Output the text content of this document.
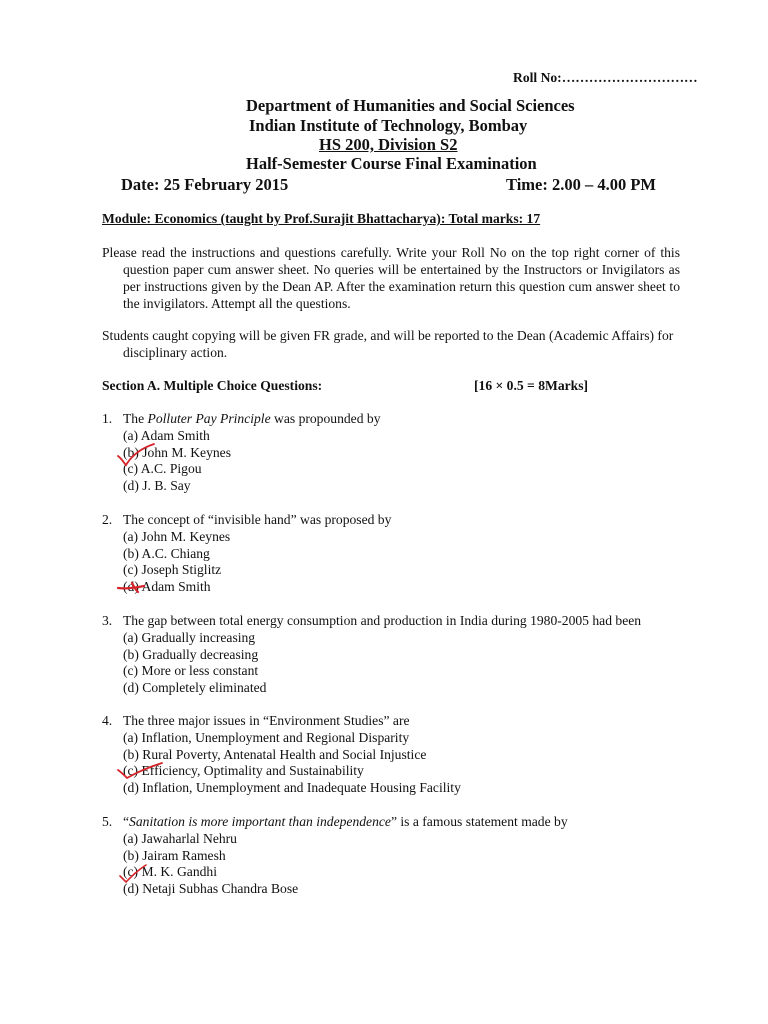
Roll No:…………………………
Department of Humanities and Social Sciences
Indian Institute of Technology, Bombay
HS 200, Division S2
Half-Semester Course Final Examination
Date: 25 February 2015	Time: 2.00 – 4.00 PM
Module: Economics (taught by Prof.Surajit Bhattacharya): Total marks: 17

Please read the instructions and questions carefully. Write your Roll No on the top right corner of this question paper cum answer sheet. No queries will be entertained by the Instructors or Invigilators as per instructions given by the Dean AP. After the examination return this question cum answer sheet to the invigilators. Attempt all the questions.

Students caught copying will be given FR grade, and will be reported to the Dean (Academic Affairs) for disciplinary action.

Section A. Multiple Choice Questions:	[16 × 0.5 = 8Marks]
1. The Polluter Pay Principle was propounded by
(a) Adam Smith
(b) John M. Keynes
(c) A.C. Pigou
(d) J. B. Say
2. The concept of “invisible hand” was proposed by
(a) John M. Keynes
(b) A.C. Chiang
(c) Joseph Stiglitz
(d) Adam Smith
3. The gap between total energy consumption and production in India during 1980-2005 had been
(a) Gradually increasing
(b) Gradually decreasing
(c) More or less constant
(d) Completely eliminated
4. The three major issues in “Environment Studies” are
(a) Inflation, Unemployment and Regional Disparity
(b) Rural Poverty, Antenatal Health and Social Injustice
(c) Efficiency, Optimality and Sustainability
(d) Inflation, Unemployment and Inadequate Housing Facility
5. “Sanitation is more important than independence” is a famous statement made by
(a) Jawaharlal Nehru
(b) Jairam Ramesh
(c) M. K. Gandhi
(d) Netaji Subhas Chandra Bose
